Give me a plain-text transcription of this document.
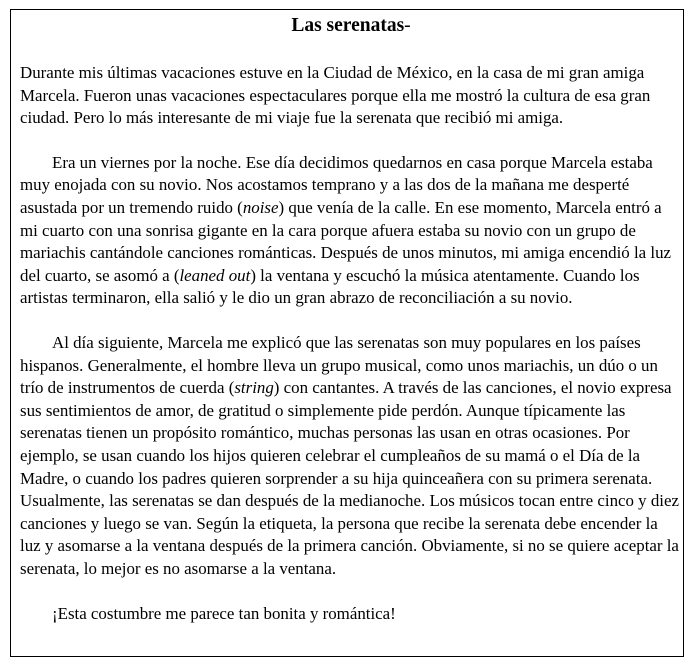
Las serenatas-

Durante mis últimas vacaciones estuve en la Ciudad de México, en la casa de mi gran amiga Marcela. Fueron unas vacaciones espectaculares porque ella me mostró la cultura de esa gran ciudad. Pero lo más interesante de mi viaje fue la serenata que recibió mi amiga.

Era un viernes por la noche. Ese día decidimos quedarnos en casa porque Marcela estaba muy enojada con su novio. Nos acostamos temprano y a las dos de la mañana me desperté asustada por un tremendo ruido (noise) que venía de la calle. En ese momento, Marcela entró a mi cuarto con una sonrisa gigante en la cara porque afuera estaba su novio con un grupo de mariachis cantándole canciones románticas. Después de unos minutos, mi amiga encendió la luz del cuarto, se asomó a (leaned out) la ventana y escuchó la música atentamente. Cuando los artistas terminaron, ella salió y le dio un gran abrazo de reconciliación a su novio.

Al día siguiente, Marcela me explicó que las serenatas son muy populares en los países hispanos. Generalmente, el hombre lleva un grupo musical, como unos mariachis, un dúo o un trío de instrumentos de cuerda (string) con cantantes. A través de las canciones, el novio expresa sus sentimientos de amor, de gratitud o simplemente pide perdón. Aunque típicamente las serenatas tienen un propósito romántico, muchas personas las usan en otras ocasiones. Por ejemplo, se usan cuando los hijos quieren celebrar el cumpleaños de su mamá o el Día de la Madre, o cuando los padres quieren sorprender a su hija quinceañera con su primera serenata. Usualmente, las serenatas se dan después de la medianoche. Los músicos tocan entre cinco y diez canciones y luego se van. Según la etiqueta, la persona que recibe la serenata debe encender la luz y asomarse a la ventana después de la primera canción. Obviamente, si no se quiere aceptar la serenata, lo mejor es no asomarse a la ventana.

¡Esta costumbre me parece tan bonita y romántica!
